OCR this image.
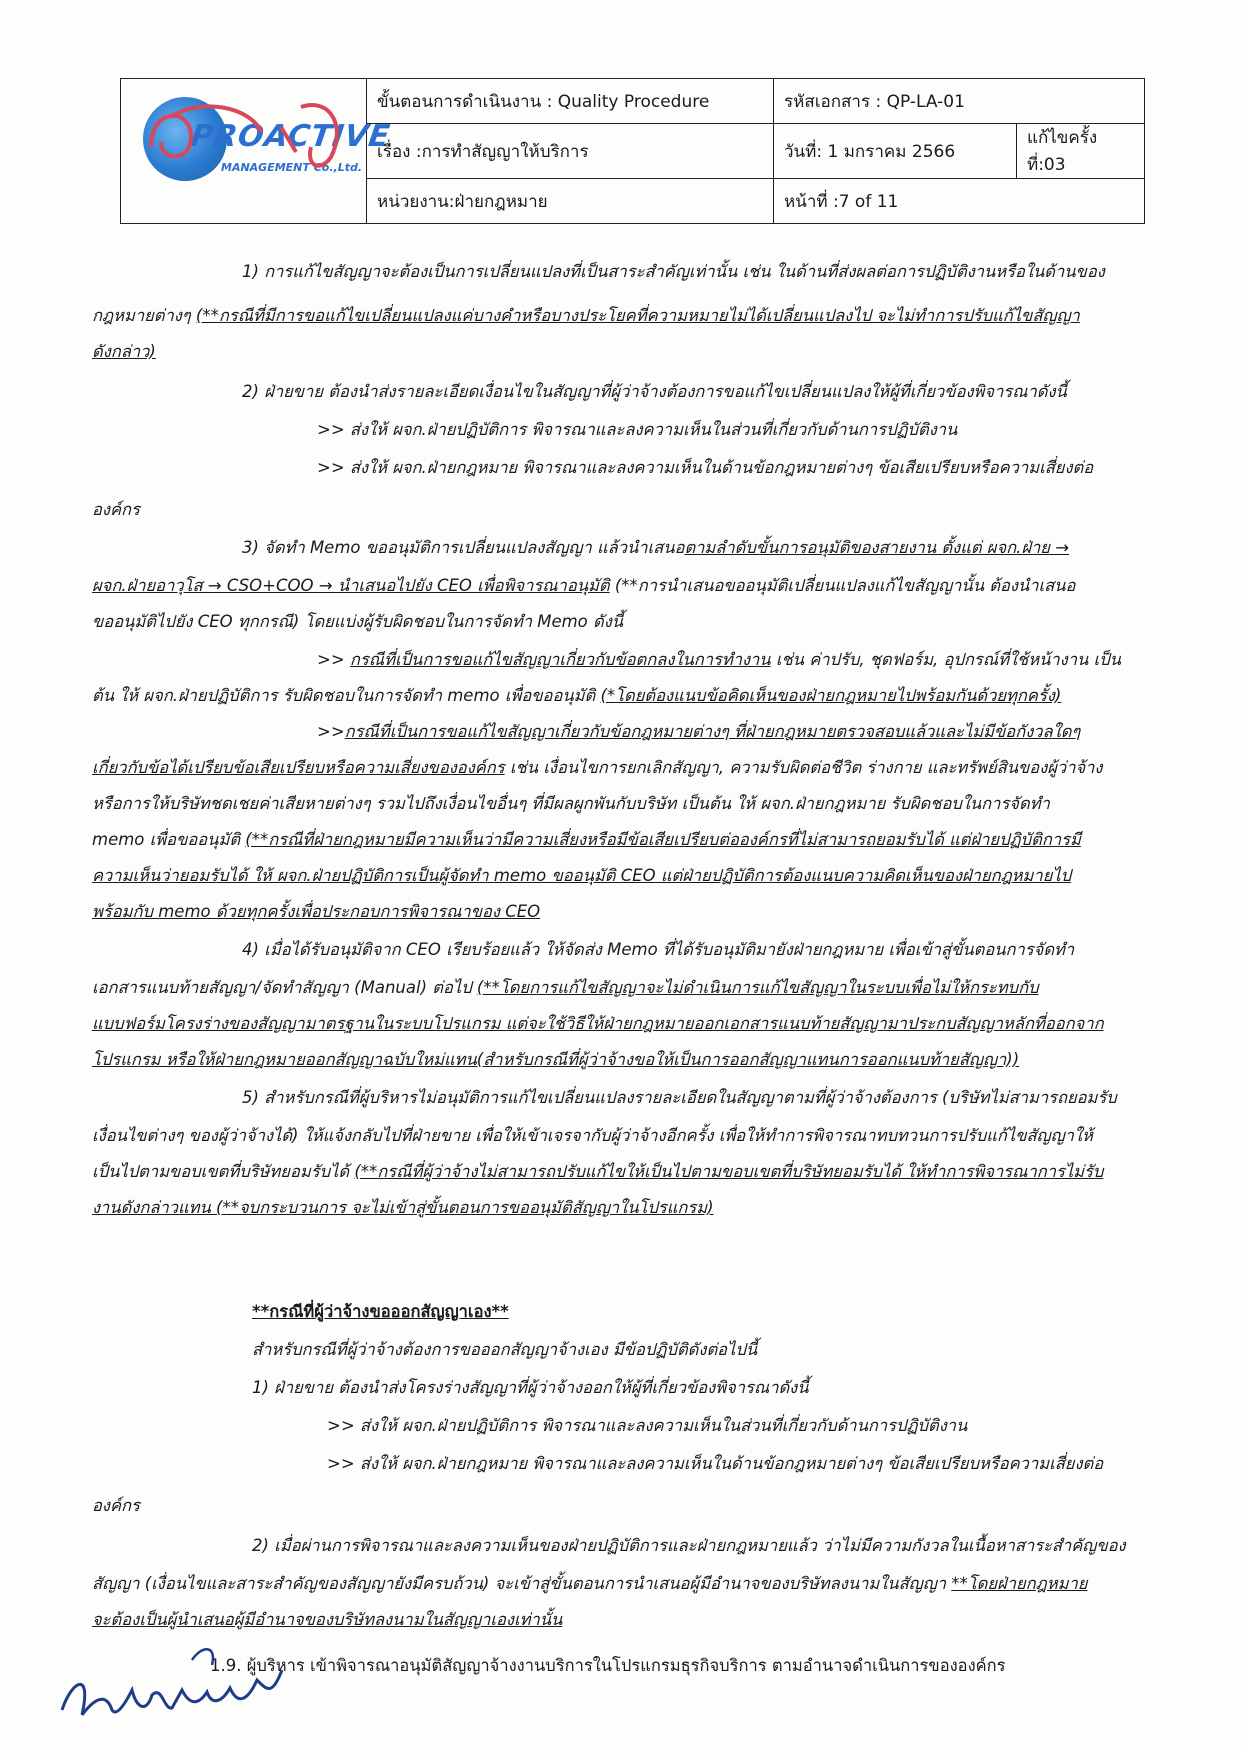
PROACTIVE
MANAGEMENT Co.,Ltd.	ขั้นตอนการดำเนินงาน : Quality Procedure	รหัสเอกสาร : QP-LA-01	
	เรื่อง :การทำสัญญาให้บริการ	วันที่: 1 มกราคม 2566	แก้ไขครั้งที่:03
	หน่วยงาน:ฝ่ายกฎหมาย	หน้าที่ :7 of 11	
1) การแก้ไขสัญญาจะต้องเป็นการเปลี่ยนแปลงที่เป็นสาระสำคัญเท่านั้น เช่น ในด้านที่ส่งผลต่อการปฏิบัติงานหรือในด้านของ
กฎหมายต่างๆ (**กรณีที่มีการขอแก้ไขเปลี่ยนแปลงแค่บางคำหรือบางประโยคที่ความหมายไม่ได้เปลี่ยนแปลงไป จะไม่ทำการปรับแก้ไขสัญญา
ดังกล่าว)
2) ฝ่ายขาย ต้องนำส่งรายละเอียดเงื่อนไขในสัญญาที่ผู้ว่าจ้างต้องการขอแก้ไขเปลี่ยนแปลงให้ผู้ที่เกี่ยวข้องพิจารณาดังนี้
>> ส่งให้ ผจก.ฝ่ายปฏิบัติการ พิจารณาและลงความเห็นในส่วนที่เกี่ยวกับด้านการปฏิบัติงาน
>> ส่งให้ ผจก.ฝ่ายกฎหมาย พิจารณาและลงความเห็นในด้านข้อกฎหมายต่างๆ ข้อเสียเปรียบหรือความเสี่ยงต่อ
องค์กร
3) จัดทำ Memo ขออนุมัติการเปลี่ยนแปลงสัญญา แล้วนำเสนอตามลำดับขั้นการอนุมัติของสายงาน ตั้งแต่ ผจก.ฝ่าย →
ผจก.ฝ่ายอาวุโส → CSO+COO → นำเสนอไปยัง CEO เพื่อพิจารณาอนุมัติ (**การนำเสนอขออนุมัติเปลี่ยนแปลงแก้ไขสัญญานั้น ต้องนำเสนอ
ขออนุมัติไปยัง CEO ทุกกรณี) โดยแบ่งผู้รับผิดชอบในการจัดทำ Memo ดังนี้
>> กรณีที่เป็นการขอแก้ไขสัญญาเกี่ยวกับข้อตกลงในการทำงาน เช่น ค่าปรับ, ชุดฟอร์ม, อุปกรณ์ที่ใช้หน้างาน เป็น
ต้น ให้ ผจก.ฝ่ายปฏิบัติการ รับผิดชอบในการจัดทำ memo เพื่อขออนุมัติ (*โดยต้องแนบข้อคิดเห็นของฝ่ายกฎหมายไปพร้อมกันด้วยทุกครั้ง)
>>กรณีที่เป็นการขอแก้ไขสัญญาเกี่ยวกับข้อกฎหมายต่างๆ ที่ฝ่ายกฎหมายตรวจสอบแล้วและไม่มีข้อกังวลใดๆ
เกี่ยวกับข้อได้เปรียบข้อเสียเปรียบหรือความเสี่ยงขององค์กร เช่น เงื่อนไขการยกเลิกสัญญา, ความรับผิดต่อชีวิต ร่างกาย และทรัพย์สินของผู้ว่าจ้าง
หรือการให้บริษัทชดเชยค่าเสียหายต่างๆ รวมไปถึงเงื่อนไขอื่นๆ ที่มีผลผูกพันกับบริษัท เป็นต้น ให้ ผจก.ฝ่ายกฎหมาย รับผิดชอบในการจัดทำ
memo เพื่อขออนุมัติ (**กรณีที่ฝ่ายกฎหมายมีความเห็นว่ามีความเสี่ยงหรือมีข้อเสียเปรียบต่อองค์กรที่ไม่สามารถยอมรับได้ แต่ฝ่ายปฏิบัติการมี
ความเห็นว่ายอมรับได้ ให้ ผจก.ฝ่ายปฏิบัติการเป็นผู้จัดทำ memo ขออนุมัติ CEO แต่ฝ่ายปฏิบัติการต้องแนบความคิดเห็นของฝ่ายกฎหมายไป
พร้อมกับ memo ด้วยทุกครั้งเพื่อประกอบการพิจารณาของ CEO
4) เมื่อได้รับอนุมัติจาก CEO เรียบร้อยแล้ว ให้จัดส่ง Memo ที่ได้รับอนุมัติมายังฝ่ายกฎหมาย เพื่อเข้าสู่ขั้นตอนการจัดทำ
เอกสารแนบท้ายสัญญา/จัดทำสัญญา (Manual) ต่อไป (**โดยการแก้ไขสัญญาจะไม่ดำเนินการแก้ไขสัญญาในระบบเพื่อไม่ให้กระทบกับ
แบบฟอร์มโครงร่างของสัญญามาตรฐานในระบบโปรแกรม แต่จะใช้วิธีให้ฝ่ายกฎหมายออกเอกสารแนบท้ายสัญญามาประกบสัญญาหลักที่ออกจาก
โปรแกรม หรือให้ฝ่ายกฎหมายออกสัญญาฉบับใหม่แทน(สำหรับกรณีที่ผู้ว่าจ้างขอให้เป็นการออกสัญญาแทนการออกแนบท้ายสัญญา))
5) สำหรับกรณีที่ผู้บริหารไม่อนุมัติการแก้ไขเปลี่ยนแปลงรายละเอียดในสัญญาตามที่ผู้ว่าจ้างต้องการ (บริษัทไม่สามารถยอมรับ
เงื่อนไขต่างๆ ของผู้ว่าจ้างได้) ให้แจ้งกลับไปที่ฝ่ายขาย เพื่อให้เข้าเจรจากับผู้ว่าจ้างอีกครั้ง เพื่อให้ทำการพิจารณาทบทวนการปรับแก้ไขสัญญาให้
เป็นไปตามขอบเขตที่บริษัทยอมรับได้ (**กรณีที่ผู้ว่าจ้างไม่สามารถปรับแก้ไขให้เป็นไปตามขอบเขตที่บริษัทยอมรับได้ ให้ทำการพิจารณาการไม่รับ
งานดังกล่าวแทน (**จบกระบวนการ จะไม่เข้าสู่ขั้นตอนการขออนุมัติสัญญาในโปรแกรม)
**กรณีที่ผู้ว่าจ้างขอออกสัญญาเอง**
สำหรับกรณีที่ผู้ว่าจ้างต้องการขอออกสัญญาจ้างเอง มีข้อปฏิบัติดังต่อไปนี้
1) ฝ่ายขาย ต้องนำส่งโครงร่างสัญญาที่ผู้ว่าจ้างออกให้ผู้ที่เกี่ยวข้องพิจารณาดังนี้
>> ส่งให้ ผจก.ฝ่ายปฏิบัติการ พิจารณาและลงความเห็นในส่วนที่เกี่ยวกับด้านการปฏิบัติงาน
>> ส่งให้ ผจก.ฝ่ายกฎหมาย พิจารณาและลงความเห็นในด้านข้อกฎหมายต่างๆ ข้อเสียเปรียบหรือความเสี่ยงต่อ
องค์กร
2) เมื่อผ่านการพิจารณาและลงความเห็นของฝ่ายปฏิบัติการและฝ่ายกฎหมายแล้ว ว่าไม่มีความกังวลในเนื้อหาสาระสำคัญของ
สัญญา (เงื่อนไขและสาระสำคัญของสัญญายังมีครบถ้วน) จะเข้าสู่ขั้นตอนการนำเสนอผู้มีอำนาจของบริษัทลงนามในสัญญา **โดยฝ่ายกฎหมาย
จะต้องเป็นผู้นำเสนอผู้มีอำนาจของบริษัทลงนามในสัญญาเองเท่านั้น
1.9. ผู้บริหาร เข้าพิจารณาอนุมัติสัญญาจ้างงานบริการในโปรแกรมธุรกิจบริการ ตามอำนาจดำเนินการขององค์กร
